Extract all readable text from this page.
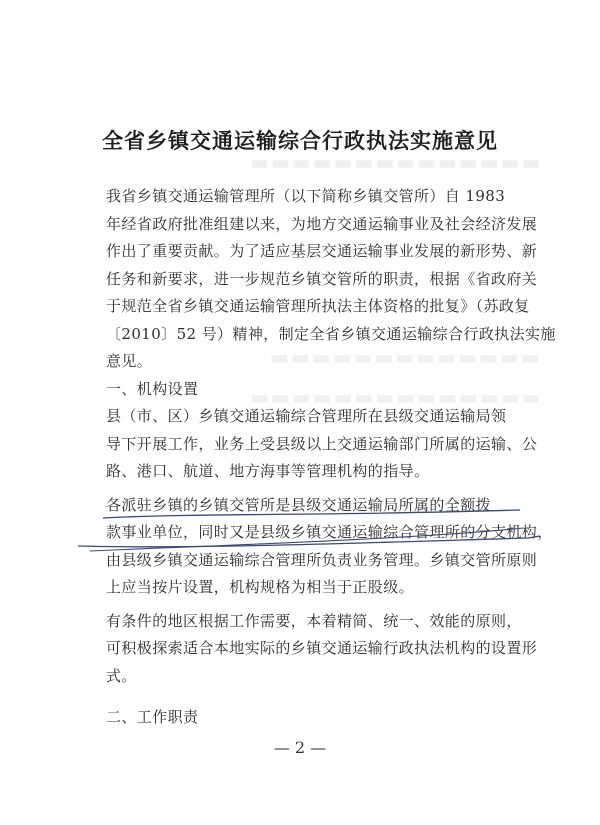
▬▬▬▬▬▬▬▬▬▬▬▬▬▬
▬▬▬▬▬▬▬▬▬▬▬▬▬
▬▬▬▬▬▬▬▬▬▬▬▬▬▬
全省乡镇交通运输综合行政执法实施意见

我省乡镇交通运输管理所（以下简称乡镇交管所）自 1983

年经省政府批准组建以来，为地方交通运输事业及社会经济发展
作出了重要贡献。为了适应基层交通运输事业发展的新形势、新
任务和新要求，进一步规范乡镇交管所的职责，根据《省政府关
于规范全省乡镇交通运输管理所执法主体资格的批复》（苏政复
〔2010〕52 号）精神，制定全省乡镇交通运输综合行政执法实施
意见。

一、机构设置

县（市、区）乡镇交通运输综合管理所在县级交通运输局领

导下开展工作，业务上受县级以上交通运输部门所属的运输、公
路、港口、航道、地方海事等管理机构的指导。

各派驻乡镇的乡镇交管所是县级交通运输局所属的全额拨

款事业单位，同时又是县级乡镇交通运输综合管理所的分支机构，
由县级乡镇交通运输综合管理所负责业务管理。乡镇交管所原则
上应当按片设置，机构规格为相当于正股级。

有条件的地区根据工作需要，本着精简、统一、效能的原则，

可积极探索适合本地实际的乡镇交通运输行政执法机构的设置形
式。

二、工作职责

— 2 —
